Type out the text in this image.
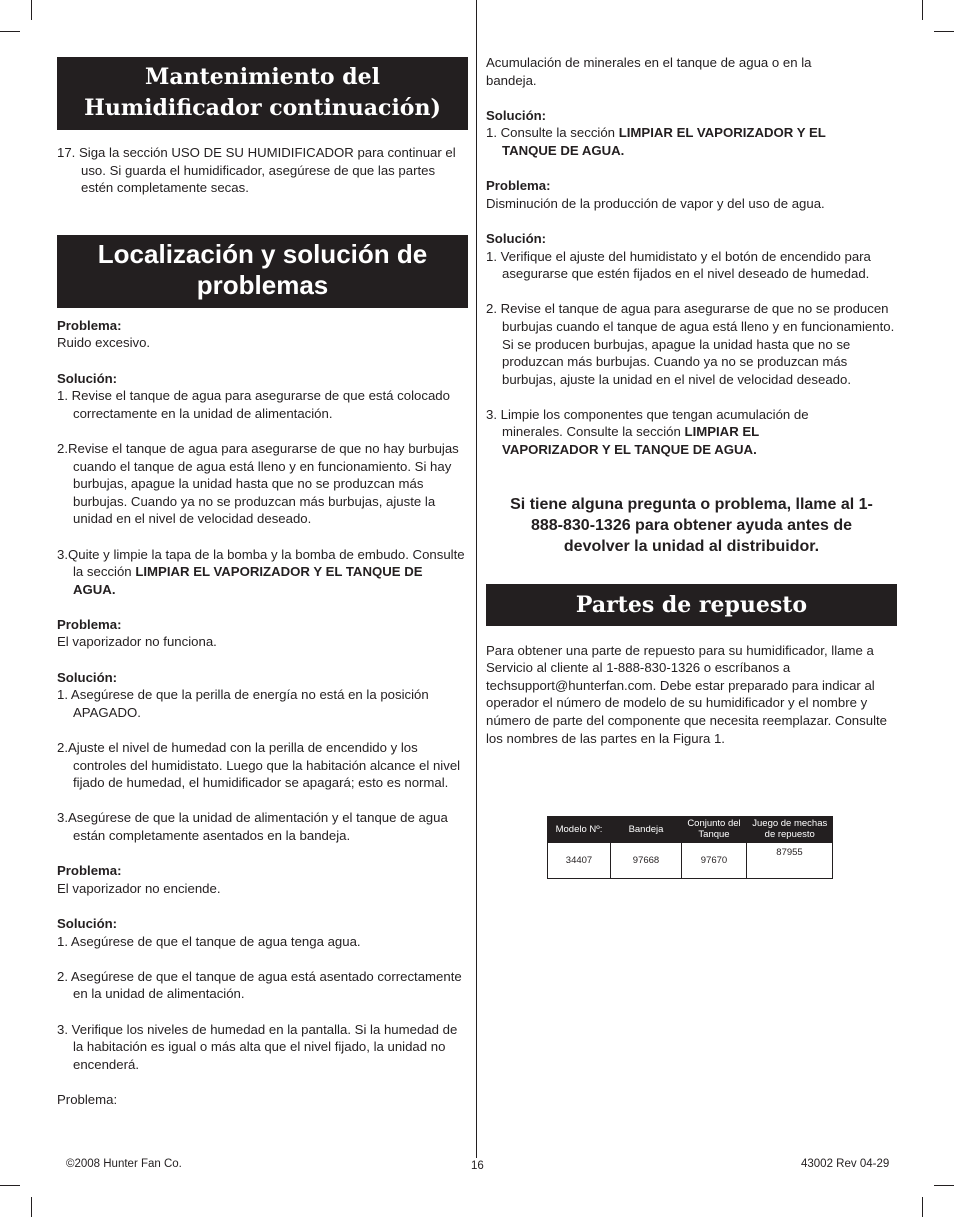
Mantenimiento del Humidificador continuación)

17. Siga la sección USO DE SU HUMIDIFICADOR para continuar el uso. Si guarda el humidificador, asegúrese de que las partes estén completamente secas.

Localización y solución de problemas

Problema:

Ruido excesivo.

Solución:

1. Revise el tanque de agua para asegurarse de que está colocado correctamente en la unidad de alimentación.

2.Revise el tanque de agua para asegurarse de que no hay burbujas cuando el tanque de agua está lleno y en funcionamiento. Si hay burbujas, apague la unidad hasta que no se produzcan más burbujas. Cuando ya no se produzcan más burbujas, ajuste la unidad en el nivel de velocidad deseado.

3.Quite y limpie la tapa de la bomba y la bomba de embudo. Consulte la sección LIMPIAR EL VAPORIZADOR Y EL TANQUE DE AGUA.

Problema:

El vaporizador no funciona.

Solución:

1. Asegúrese de que la perilla de energía no está en la posición APAGADO.

2.Ajuste el nivel de humedad con la perilla de encendido y los controles del humidistato. Luego que la habitación alcance el nivel fijado de humedad, el humidificador se apagará; esto es normal.

3.Asegúrese de que la unidad de alimentación y el tanque de agua están completamente asentados en la bandeja.

Problema:

El vaporizador no enciende.

Solución:

1. Asegúrese de que el tanque de agua tenga agua.

2. Asegúrese de que el tanque de agua está asentado correctamente en la unidad de alimentación.

3. Verifique los niveles de humedad en la pantalla. Si la humedad de la habitación es igual o más alta que el nivel fijado, la unidad no encenderá.

Problema:

Acumulación de minerales en el tanque de agua o en la bandeja.

Solución:

1. Consulte la sección LIMPIAR EL VAPORIZADOR Y EL TANQUE DE AGUA.

Problema:

Disminución de la producción de vapor y del uso de agua.

Solución:

1. Verifique el ajuste del humidistato y el botón de encendido para asegurarse que estén fijados en el nivel deseado de humedad.

2. Revise el tanque de agua para asegurarse de que no se producen burbujas cuando el tanque de agua está lleno y en funcionamiento. Si se producen burbujas, apague la unidad hasta que no se produzcan más burbujas. Cuando ya no se produzcan más burbujas, ajuste la unidad en el nivel de velocidad deseado.

3. Limpie los componentes que tengan acumulación de minerales. Consulte la sección LIMPIAR EL VAPORIZADOR Y EL TANQUE DE AGUA.

Si tiene alguna pregunta o problema, llame al 1-888-830-1326 para obtener ayuda antes de devolver la unidad al distribuidor.

Partes de repuesto

Para obtener una parte de repuesto para su humidificador, llame a Servicio al cliente al 1-888-830-1326 o escríbanos a techsupport@hunterfan.com. Debe estar preparado para indicar al operador el número de modelo de su humidificador y el nombre y número de parte del componente que necesita reemplazar. Consulte los nombres de las partes en la Figura 1.

Modelo Nº:	Bandeja	Conjunto del Tanque	Juego de mechas de repuesto
34407	97668	97670	87955
©2008 Hunter Fan Co.	16	43002 Rev 04-29
